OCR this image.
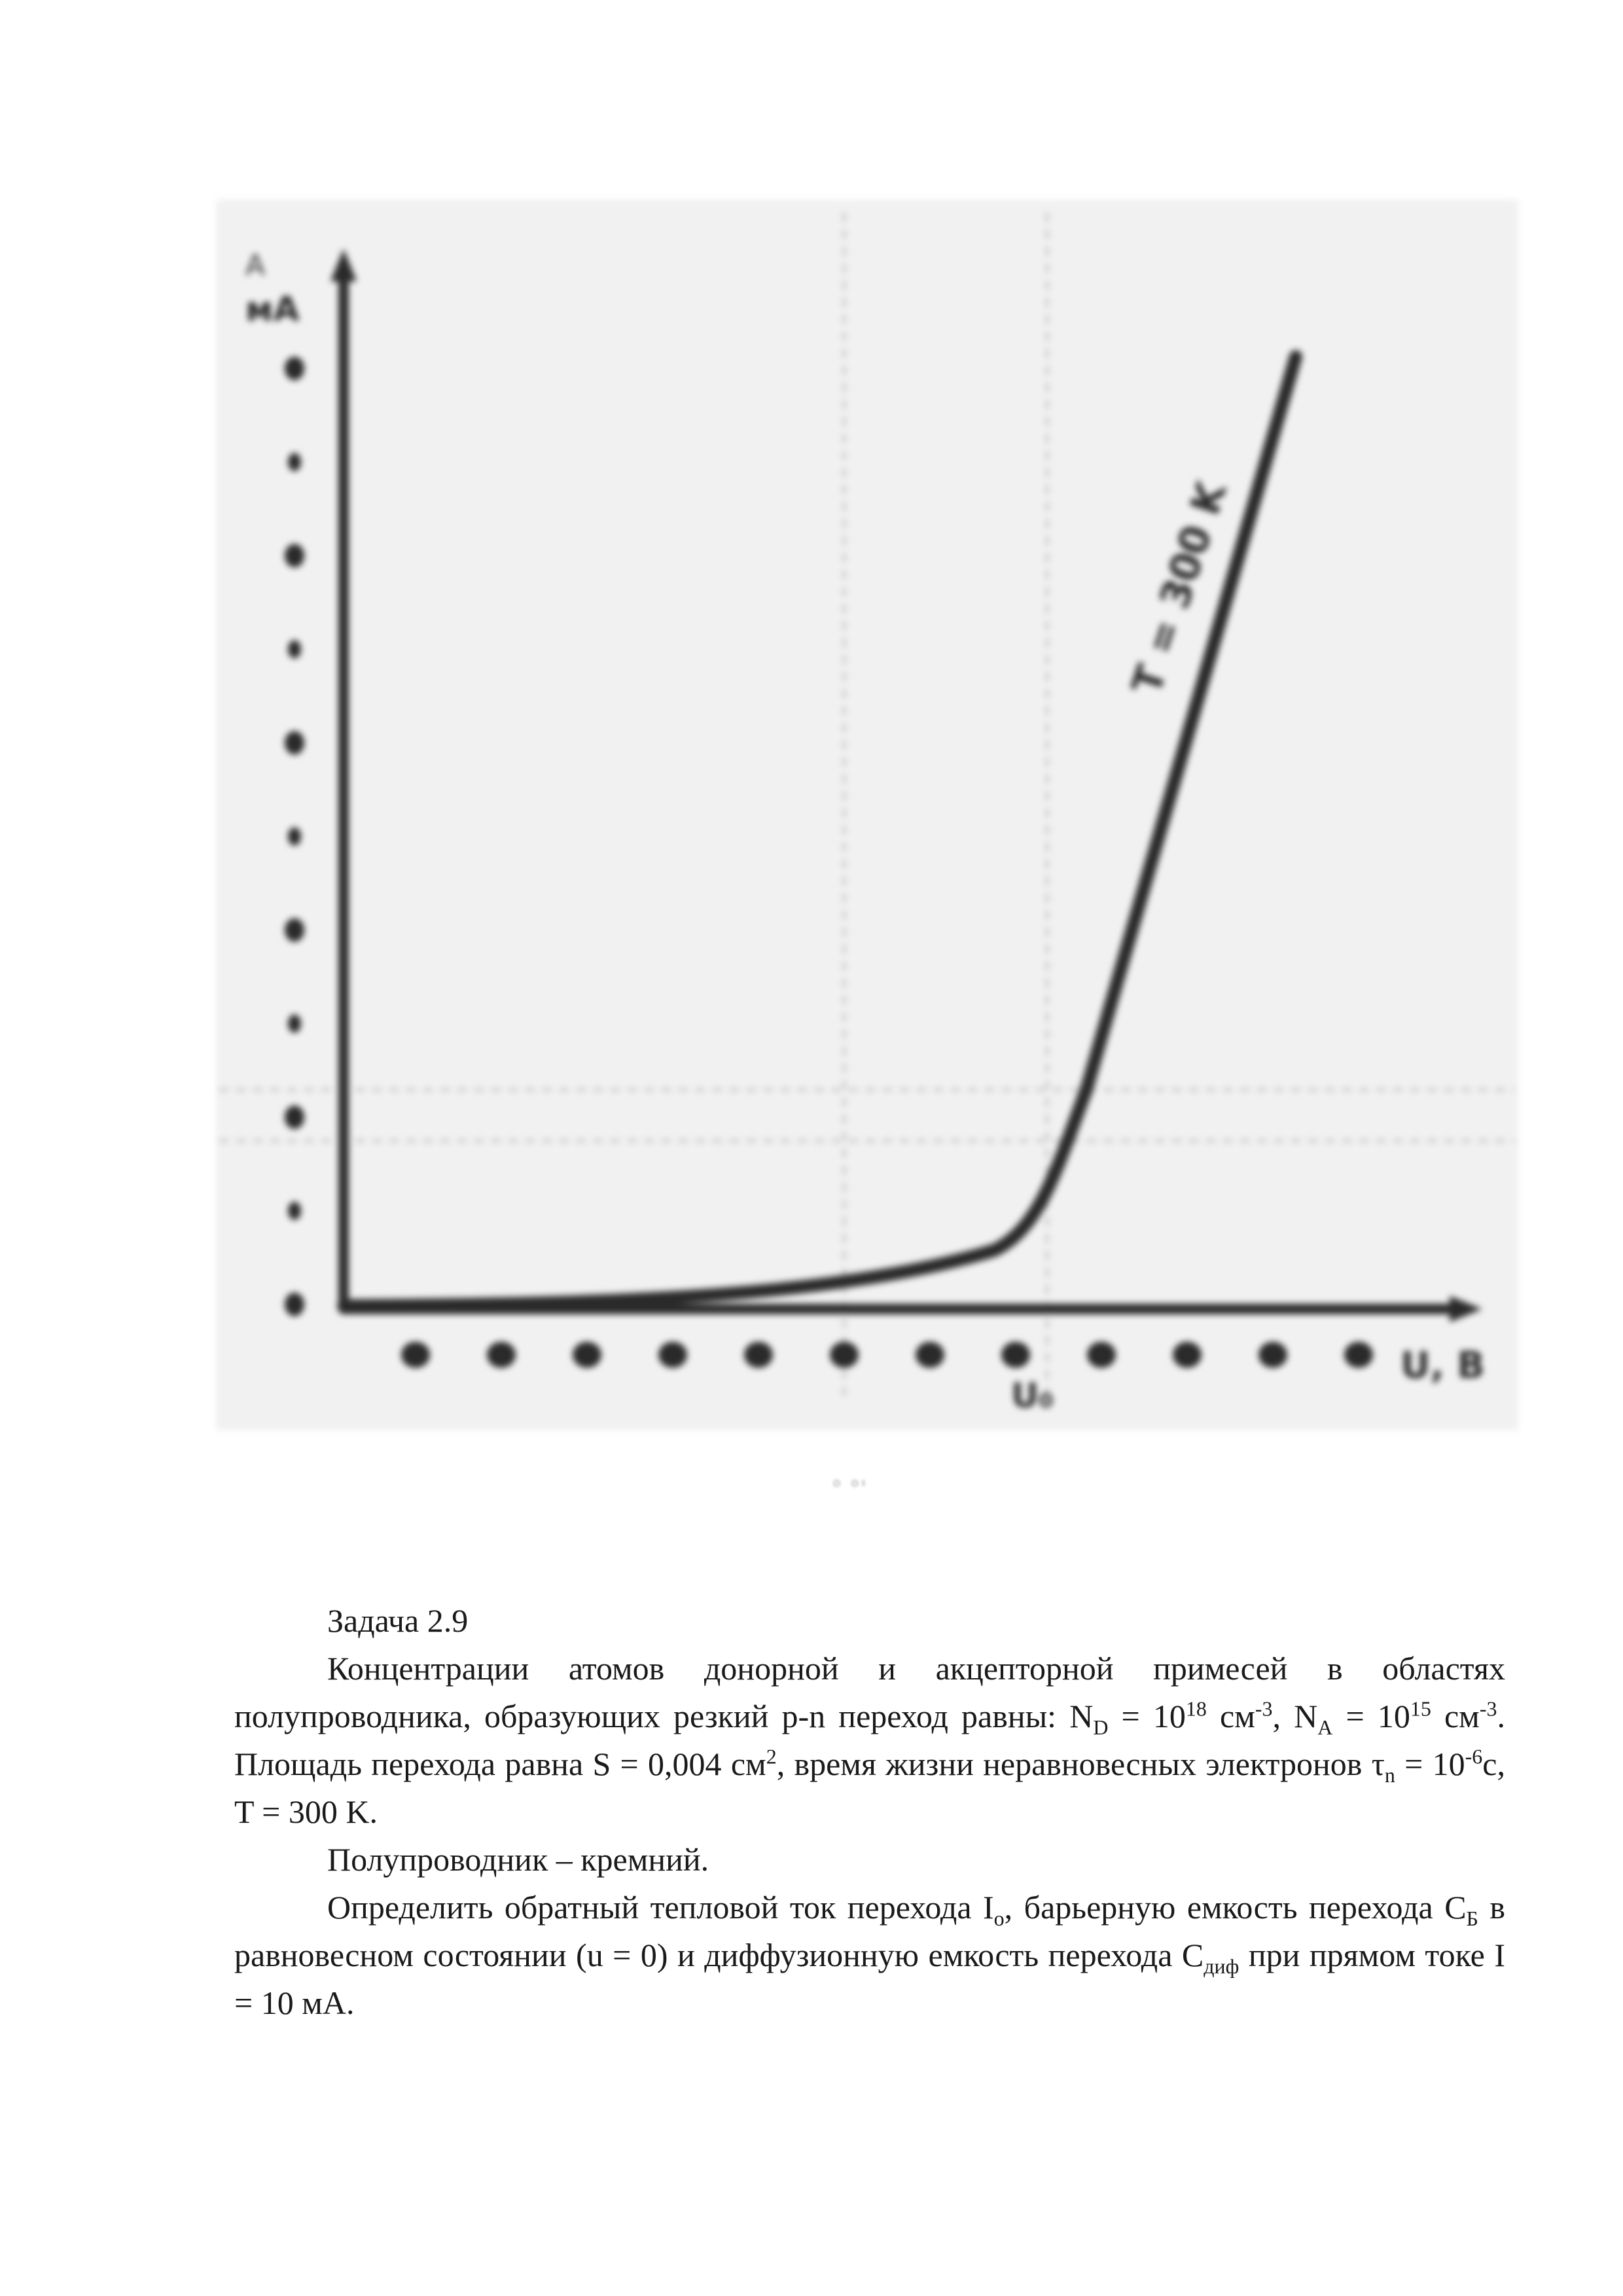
A
мА
U, В
U₀
T = 300 K
° °'

Задача 2.9

Концентрации атомов донорной и акцепторной примесей в областях полупроводника, образующих резкий p-n переход равны: $N_D = 10^{18}$ $см^{-3}$, $N_A = 10^{15}$ $см^{-3}$. Площадь перехода равна S = 0,004 $см^2$, время жизни неравновесных электронов $\tau_n = 10^{-6}с$, T = 300 K.

Полупроводник – кремний.

Определить обратный тепловой ток перехода $I_o$, барьерную емкость перехода $C_Б$ в равновесном состоянии (u = 0) и диффузионную емкость перехода $C_{диф}$ при прямом токе I = 10 мА.
